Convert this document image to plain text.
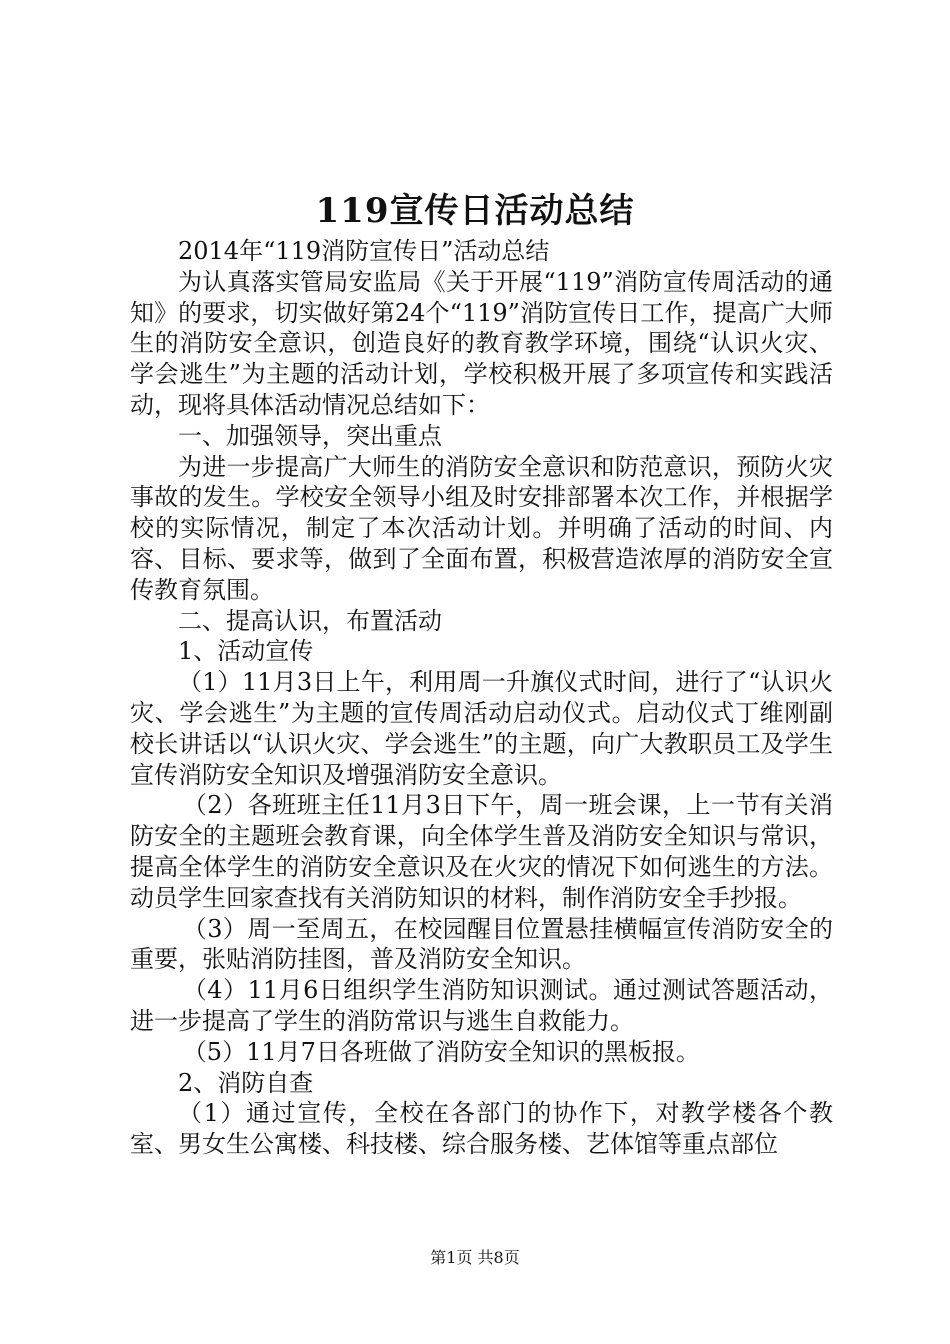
119宣传日活动总结

2014年“119消防宣传日”活动总结

为认真落实管局安监局《关于开展“119”消防宣传周活动的通知》的要求，切实做好第24个“119”消防宣传日工作，提高广大师生的消防安全意识，创造良好的教育教学环境，围绕“认识火灾、学会逃生”为主题的活动计划，学校积极开展了多项宣传和实践活动，现将具体活动情况总结如下：

一、加强领导，突出重点

为进一步提高广大师生的消防安全意识和防范意识，预防火灾事故的发生。学校安全领导小组及时安排部署本次工作，并根据学校的实际情况，制定了本次活动计划。并明确了活动的时间、内容、目标、要求等，做到了全面布置，积极营造浓厚的消防安全宣传教育氛围。

二、提高认识，布置活动

1、活动宣传

（1）11月3日上午，利用周一升旗仪式时间，进行了“认识火灾、学会逃生”为主题的宣传周活动启动仪式。启动仪式丁维刚副校长讲话以“认识火灾、学会逃生”的主题，向广大教职员工及学生宣传消防安全知识及增强消防安全意识。

（2）各班班主任11月3日下午，周一班会课，上一节有关消防安全的主题班会教育课，向全体学生普及消防安全知识与常识，提高全体学生的消防安全意识及在火灾的情况下如何逃生的方法。动员学生回家查找有关消防知识的材料，制作消防安全手抄报。

（3）周一至周五，在校园醒目位置悬挂横幅宣传消防安全的重要，张贴消防挂图，普及消防安全知识。

（4）11月6日组织学生消防知识测试。通过测试答题活动，进一步提高了学生的消防常识与逃生自救能力。

（5）11月7日各班做了消防安全知识的黑板报。

2、消防自查

（1）通过宣传，全校在各部门的协作下，对教学楼各个教室、男女生公寓楼、科技楼、综合服务楼、艺体馆等重点部位

第1页 共8页
